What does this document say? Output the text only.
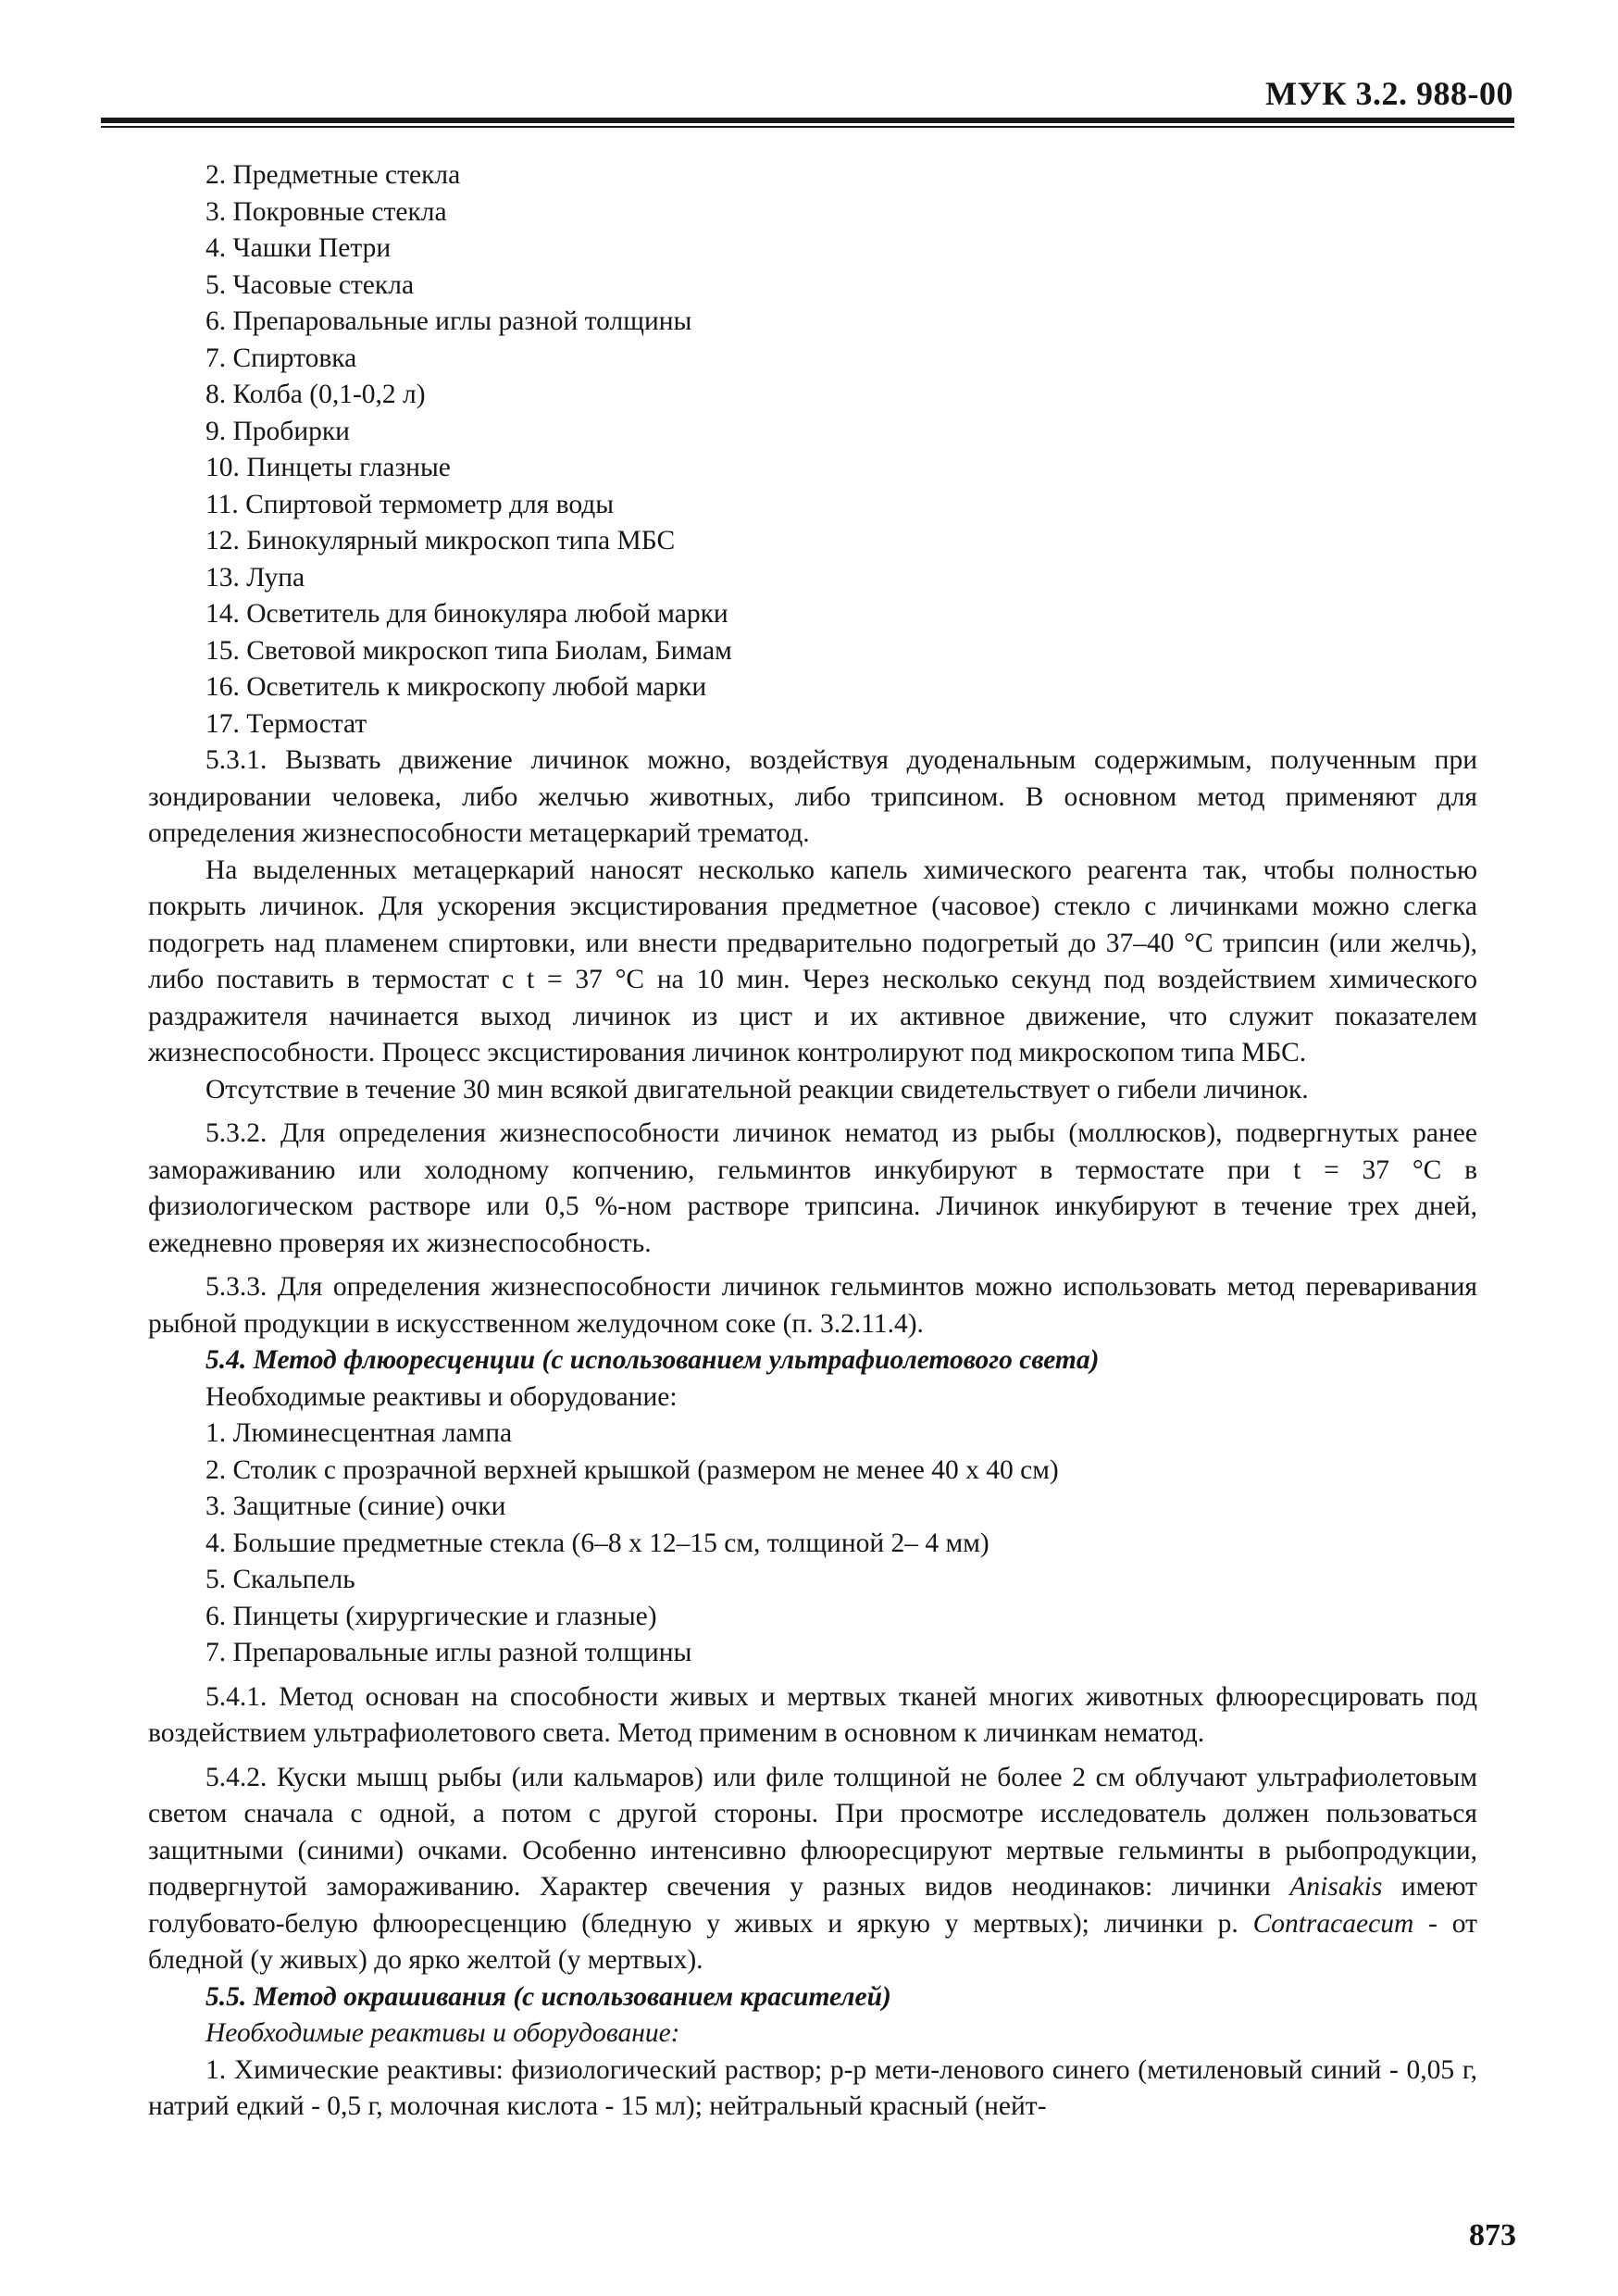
МУК 3.2. 988-00
2. Предметные стекла
3. Покровные стекла
4. Чашки Петри
5. Часовые стекла
6. Препаровальные иглы разной толщины
7. Спиртовка
8. Колба (0,1-0,2 л)
9. Пробирки
10. Пинцеты глазные
11. Спиртовой термометр для воды
12. Бинокулярный микроскоп типа МБС
13. Лупа
14. Осветитель для бинокуляра любой марки
15. Световой микроскоп типа Биолам, Бимам
16. Осветитель к микроскопу любой марки
17. Термостат
5.3.1. Вызвать движение личинок можно, воздействуя дуоденальным содержимым, полученным при зондировании человека, либо желчью животных, либо трипсином. В основном метод применяют для определения жизнеспособности метацеркарий трематод.
На выделенных метацеркарий наносят несколько капель химического реагента так, чтобы полностью покрыть личинок. Для ускорения эксцистирования предметное (часовое) стекло с личинками можно слегка подогреть над пламенем спиртовки, или внести предварительно подогретый до 37–40 °С трипсин (или желчь), либо поставить в термостат с t = 37 °С на 10 мин. Через несколько секунд под воздействием химического раздражителя начинается выход личинок из цист и их активное движение, что служит показателем жизнеспособности. Процесс эксцистирования личинок контролируют под микроскопом типа МБС.
Отсутствие в течение 30 мин всякой двигательной реакции свидетельствует о гибели личинок.
5.3.2. Для определения жизнеспособности личинок нематод из рыбы (моллюсков), подвергнутых ранее замораживанию или холодному копчению, гельминтов инкубируют в термостате при t = 37 °С в физиологическом растворе или 0,5 %-ном растворе трипсина. Личинок инкубируют в течение трех дней, ежедневно проверяя их жизнеспособность.
5.3.3. Для определения жизнеспособности личинок гельминтов можно использовать метод переваривания рыбной продукции в искусственном желудочном соке (п. 3.2.11.4).
5.4. Метод флюоресценции (с использованием ультрафиолетового света)
Необходимые реактивы и оборудование:
1. Люминесцентная лампа
2. Столик с прозрачной верхней крышкой (размером не менее 40 х 40 см)
3. Защитные (синие) очки
4. Большие предметные стекла (6–8 х 12–15 см, толщиной 2– 4 мм)
5. Скальпель
6. Пинцеты (хирургические и глазные)
7. Препаровальные иглы разной толщины
5.4.1. Метод основан на способности живых и мертвых тканей многих животных флюоресцировать под воздействием ультрафиолетового света. Метод применим в основном к личинкам нематод.
5.4.2. Куски мышц рыбы (или кальмаров) или филе толщиной не более 2 см облучают ультрафиолетовым светом сначала с одной, а потом с другой стороны. При просмотре исследователь должен пользоваться защитными (синими) очками. Особенно интенсивно флюоресцируют мертвые гельминты в рыбопродукции, подвергнутой замораживанию. Характер свечения у разных видов неодинаков: личинки Anisakis имеют голубовато-белую флюоресценцию (бледную у живых и яркую у мертвых); личинки р. Contracaecum - от бледной (у живых) до ярко желтой (у мертвых).
5.5. Метод окрашивания (с использованием красителей)
Необходимые реактивы и оборудование:
1. Химические реактивы: физиологический раствор; р-р мети-ленового синего (метиленовый синий - 0,05 г, натрий едкий - 0,5 г, молочная кислота - 15 мл); нейтральный красный (нейт-
873
